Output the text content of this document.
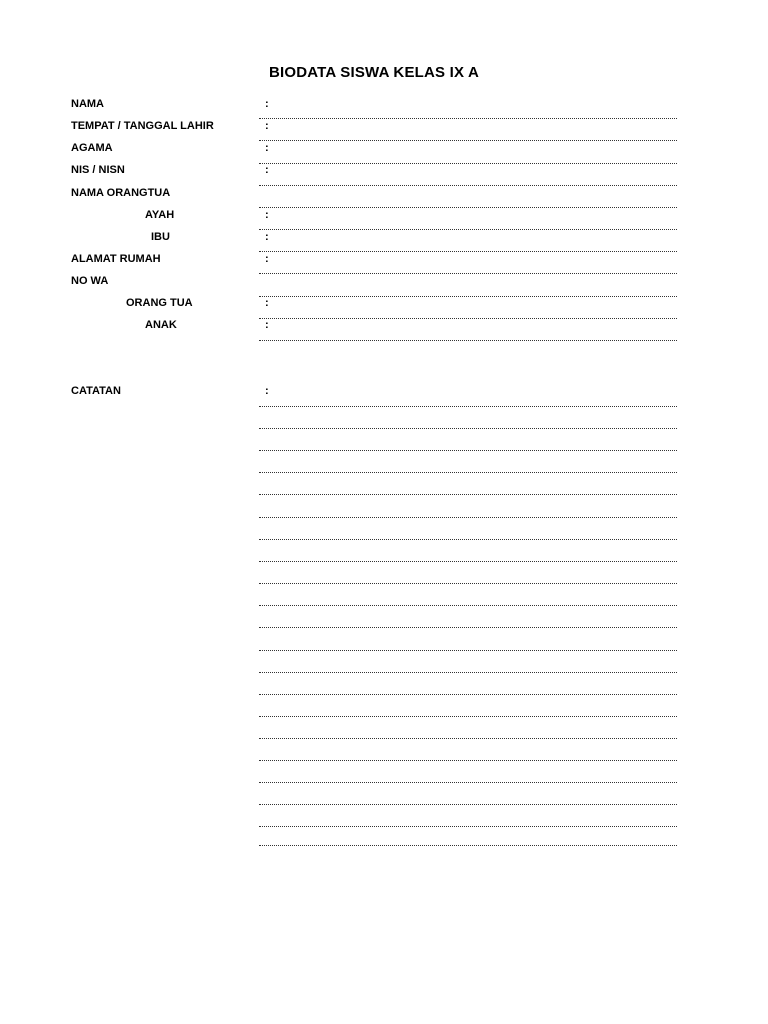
BIODATA SISWA KELAS IX A
NAMA
TEMPAT / TANGGAL LAHIR
AGAMA
NIS / NISN
NAMA ORANGTUA
AYAH
IBU
ALAMAT RUMAH
NO WA
ORANG TUA
ANAK
CATATAN
:
:
:
:
:
:
:
:
:
:
